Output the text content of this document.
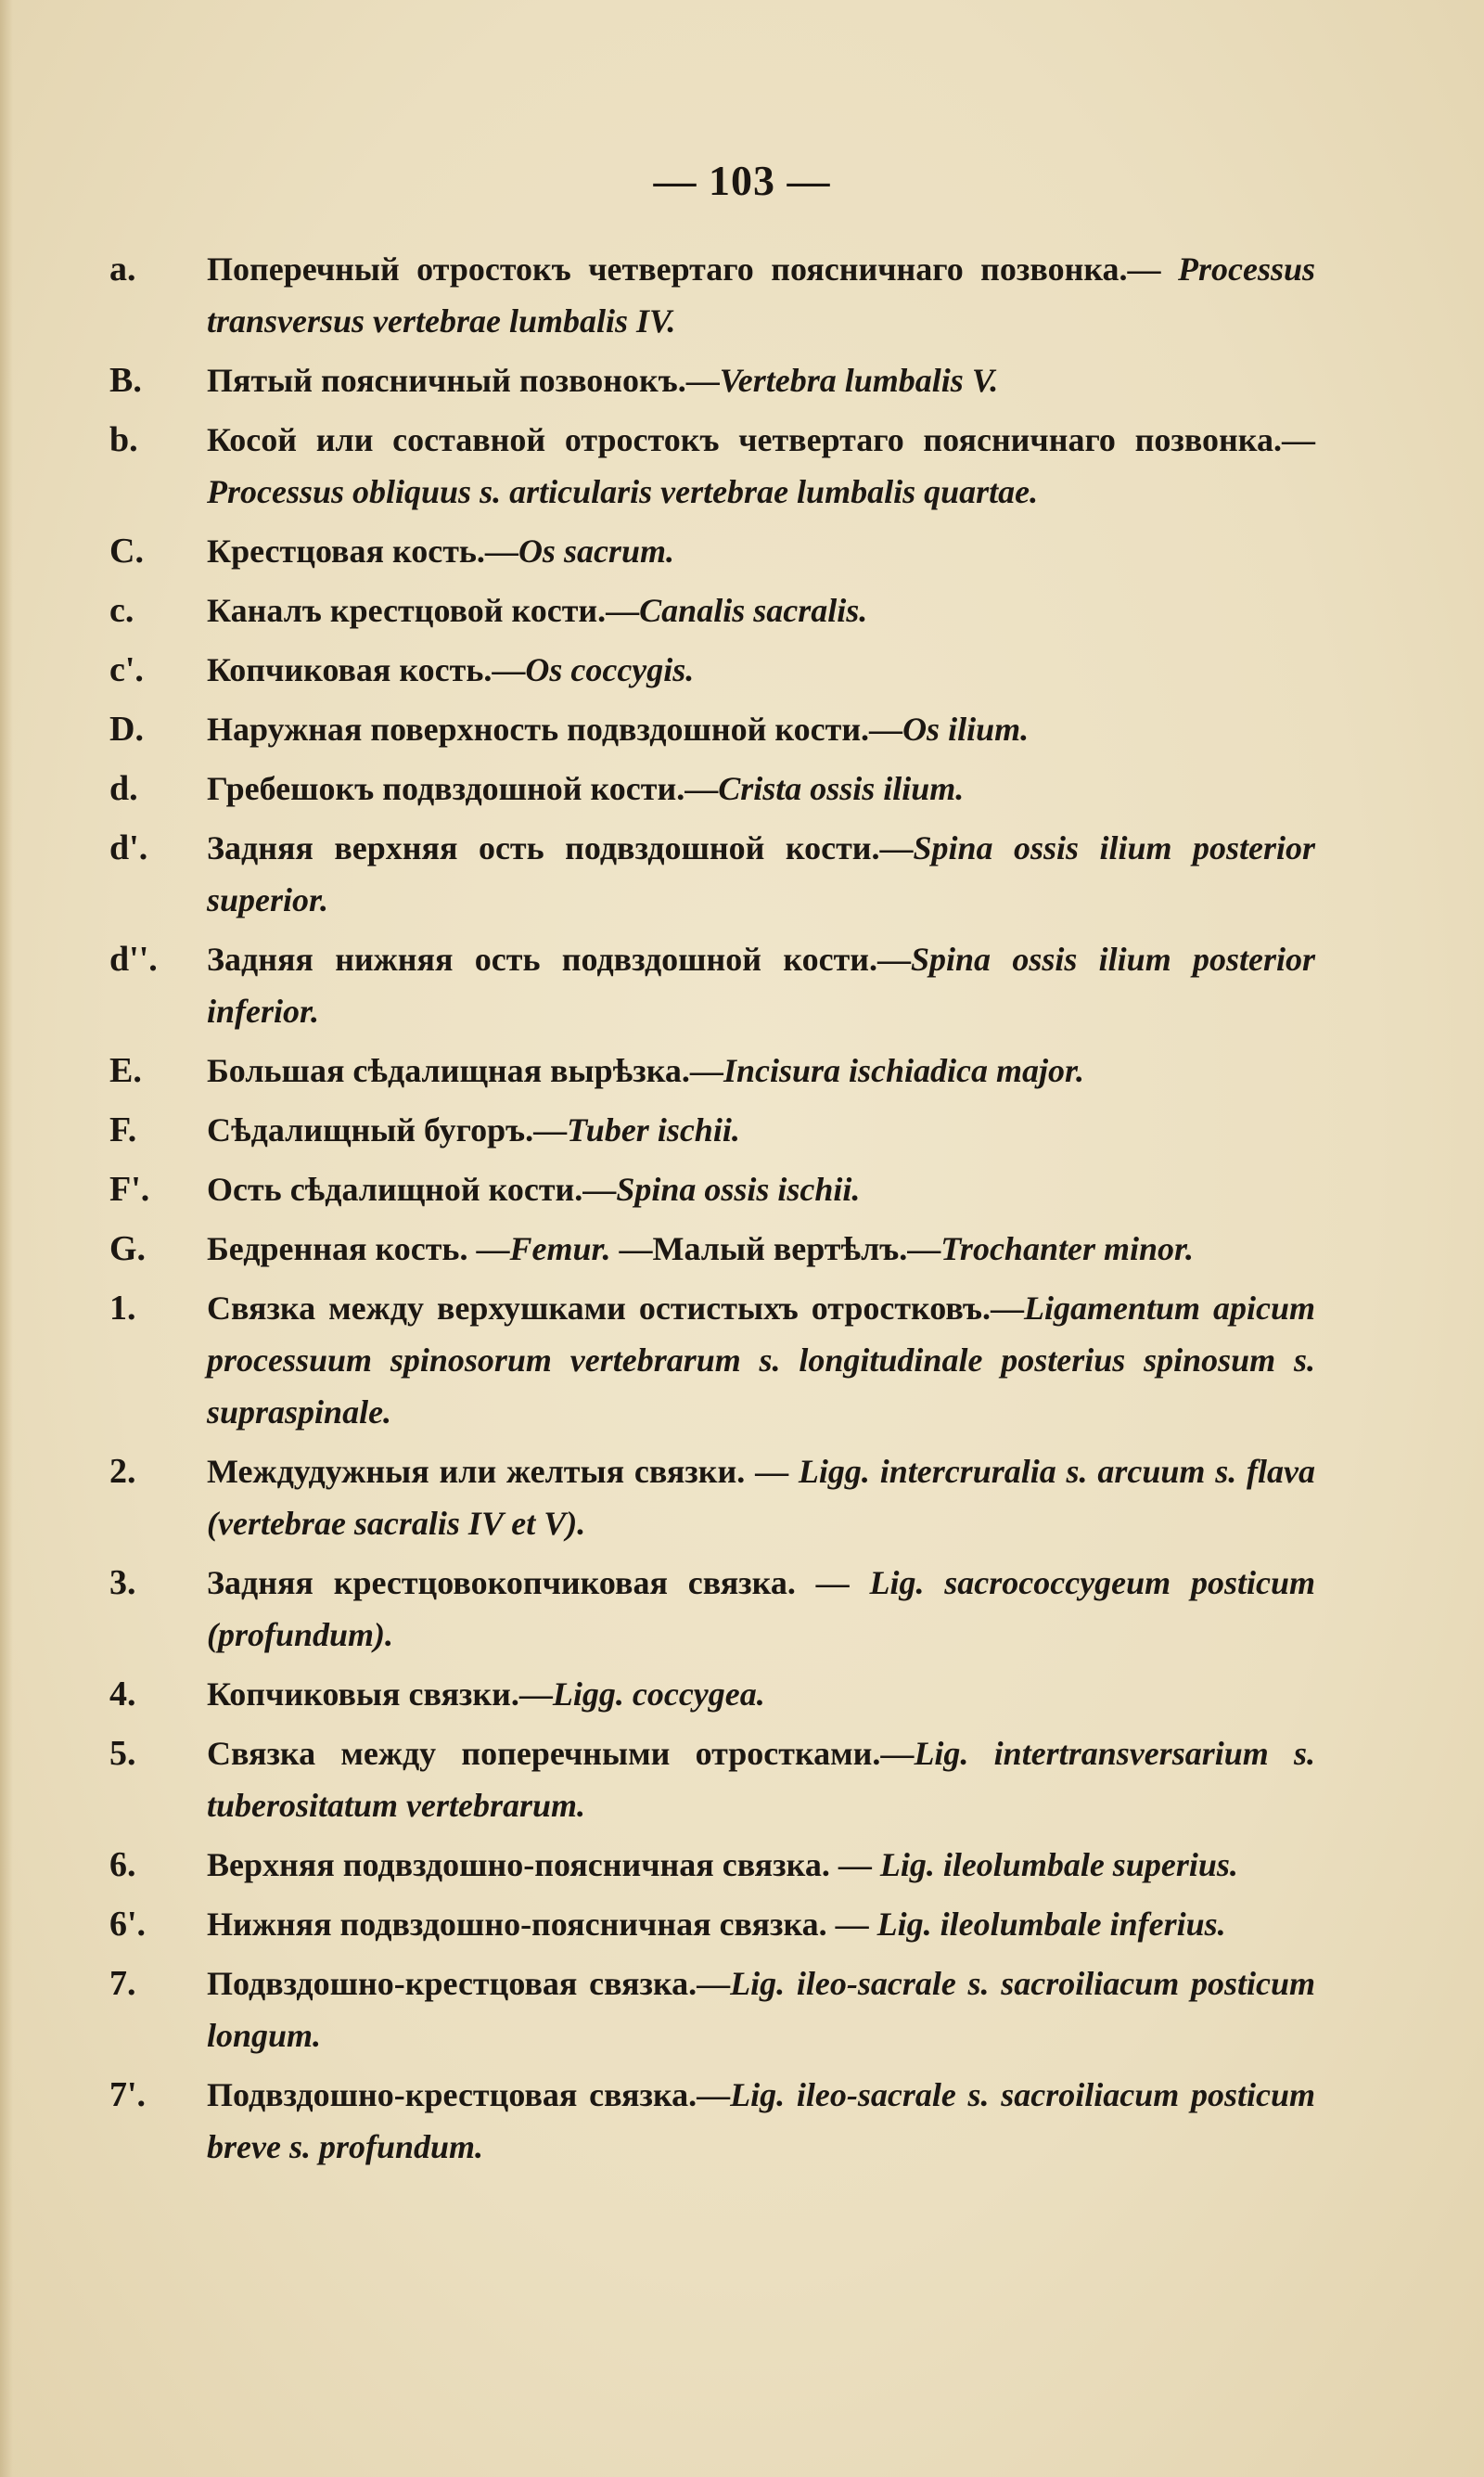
— 103 —
a.	Поперечный отростокъ четвертаго поясничнаго позвонка.— Processus transversus vertebrae lumbalis IV.
B.	Пятый поясничный позвонокъ.—Vertebra lumbalis V.
b.	Косой или составной отростокъ четвертаго поясничнаго позвонка.—Processus obliquus s. articularis vertebrae lumbalis quartae.
C.	Крестцовая кость.—Os sacrum.
c.	Каналъ крестцовой кости.—Canalis sacralis.
c'.	Копчиковая кость.—Os coccygis.
D.	Наружная поверхность подвздошной кости.—Os ilium.
d.	Гребешокъ подвздошной кости.—Crista ossis ilium.
d'.	Задняя верхняя ость подвздошной кости.—Spina ossis ilium posterior superior.
d''.	Задняя нижняя ость подвздошной кости.—Spina ossis ilium posterior inferior.
E.	Большая сѣдалищная вырѣзка.—Incisura ischiadica major.
F.	Сѣдалищный бугоръ.—Tuber ischii.
F'.	Ость сѣдалищной кости.—Spina ossis ischii.
G.	Бедренная кость. —Femur. —Малый вертѣлъ.—Trochanter minor.
1.	Связка между верхушками остистыхъ отростковъ.—Ligamentum apicum processuum spinosorum vertebrarum s. longitudinale posterius spinosum s. supraspinale.
2.	Междудужныя или желтыя связки. — Ligg. intercruralia s. arcuum s. flava (vertebrae sacralis IV et V).
3.	Задняя крестцовокопчиковая связка. — Lig. sacrococcygeum posticum (profundum).
4.	Копчиковыя связки.—Ligg. coccygea.
5.	Связка между поперечными отростками.—Lig. intertransversarium s. tuberositatum vertebrarum.
6.	Верхняя подвздошно-поясничная связка. — Lig. ileolumbale superius.
6'.	Нижняя подвздошно-поясничная связка. — Lig. ileolumbale inferius.
7.	Подвздошно-крестцовая связка.—Lig. ileo-sacrale s. sacroiliacum posticum longum.
7'.	Подвздошно-крестцовая связка.—Lig. ileo-sacrale s. sacroiliacum posticum breve s. profundum.
